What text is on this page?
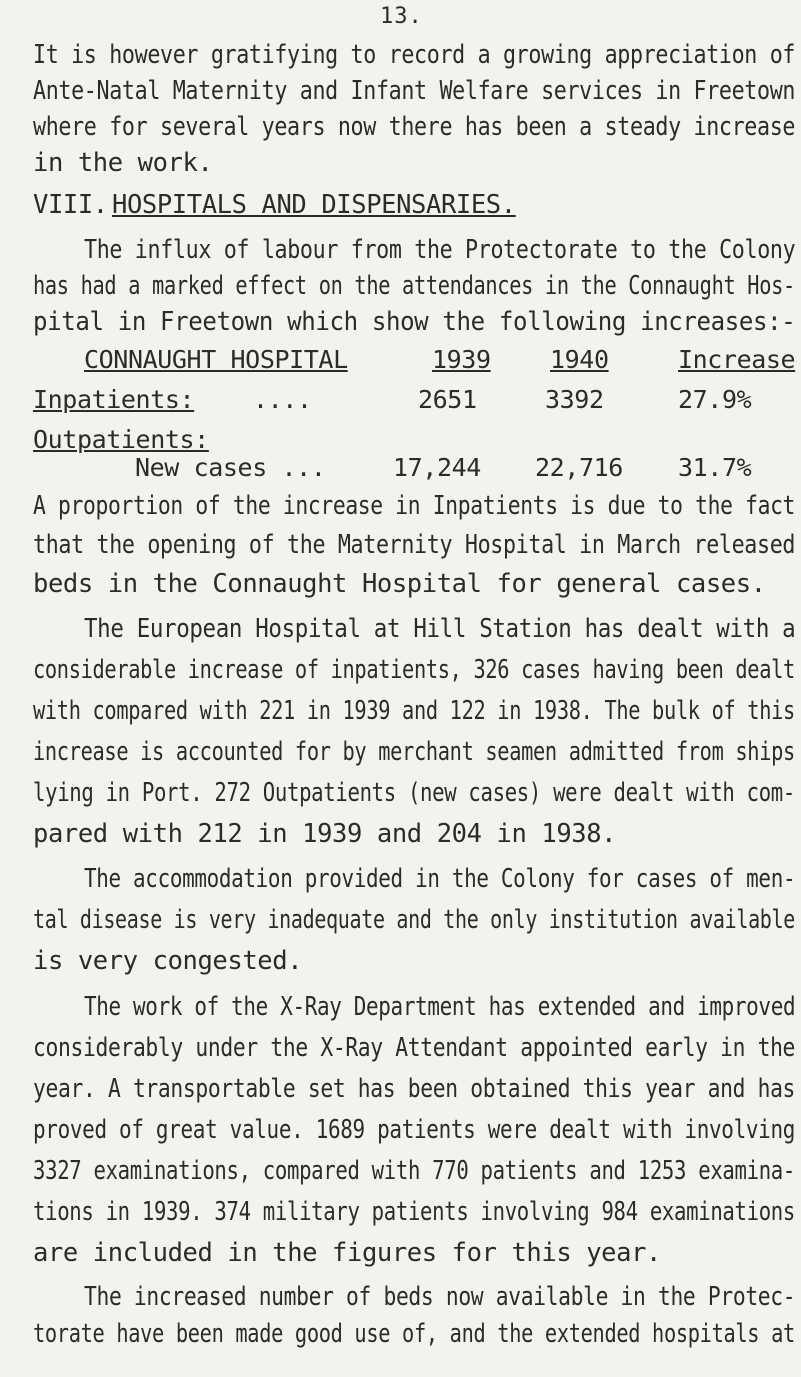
13.
It is however gratifying to record a growing appreciation of
Ante-Natal Maternity and Infant Welfare services in Freetown
where for several years now there has been a steady increase
in the work.
VIII. HOSPITALS AND DISPENSARIES.
The influx of labour from the Protectorate to the Colony
has had a marked effect on the attendances in the Connaught Hos-
pital in Freetown which show the following increases:-
CONNAUGHT HOSPITAL	1939 1940	Increase
Inpatients: ....	2651	3392	27.9%
Outpatients:
New cases ...	17,244 22,716 31.7%
A proportion of the increase in Inpatients is due to the fact
that the opening of the Maternity Hospital in March released
beds in the Connaught Hospital for general cases.
The European Hospital at Hill Station has dealt with a
considerable increase of inpatients, 326 cases having been dealt
with compared with 221 in 1939 and 122 in 1938. The bulk of this
increase is accounted for by merchant seamen admitted from ships
lying in Port. 272 Outpatients (new cases) were dealt with com-
pared with 212 in 1939 and 204 in 1938.
The accommodation provided in the Colony for cases of men-
tal disease is very inadequate and the only institution available
is very congested.
The work of the X-Ray Department has extended and improved
considerably under the X-Ray Attendant appointed early in the
year. A transportable set has been obtained this year and has
proved of great value. 1689 patients were dealt with involving
3327 examinations, compared with 770 patients and 1253 examina-
tions in 1939. 374 military patients involving 984 examinations
are included in the figures for this year.
The increased number of beds now available in the Protec-
torate have been made good use of, and the extended hospitals at
